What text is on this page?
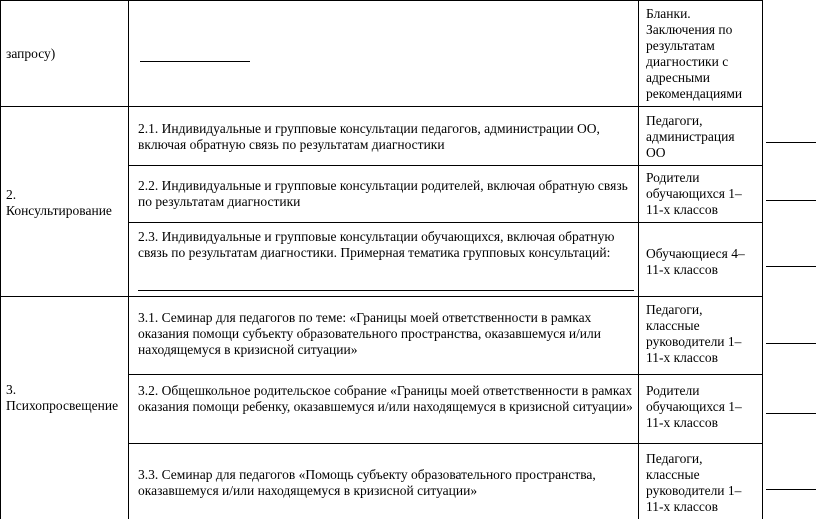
запросу)
Бланки. Заключения по результатам диагностики с адресными рекомендациями
2. Консультирование
2.1. Индивидуальные и групповые консультации педагогов, администрации ОО, включая обратную связь по результатам диагностики
Педагоги, администрация ОО
2.2. Индивидуальные и групповые консультации родителей, включая обратную связь по результатам диагностики
Родители обучающихся 1–11-х классов
2.3. Индивидуальные и групповые консультации обучающихся, включая обратную связь по результатам диагностики. Примерная тематика групповых консультаций:	Обучающиеся 4–11-х классов
3. Психопросвещение
3.1. Семинар для педагогов по теме: «Границы моей ответственности в рамках оказания помощи субъекту образовательного пространства, оказавшемуся и/или находящемуся в кризисной ситуации»
Педагоги, классные руководители 1–11-х классов
3.2. Общешкольное родительское собрание «Границы моей ответственности в рамках оказания помощи ребенку, оказавшемуся и/или находящемуся в кризисной ситуации»
Родители обучающихся 1–11-х классов
3.3. Семинар для педагогов «Помощь субъекту образовательного пространства, оказавшемуся и/или находящемуся в кризисной ситуации»
Педагоги, классные руководители 1–11-х классов
